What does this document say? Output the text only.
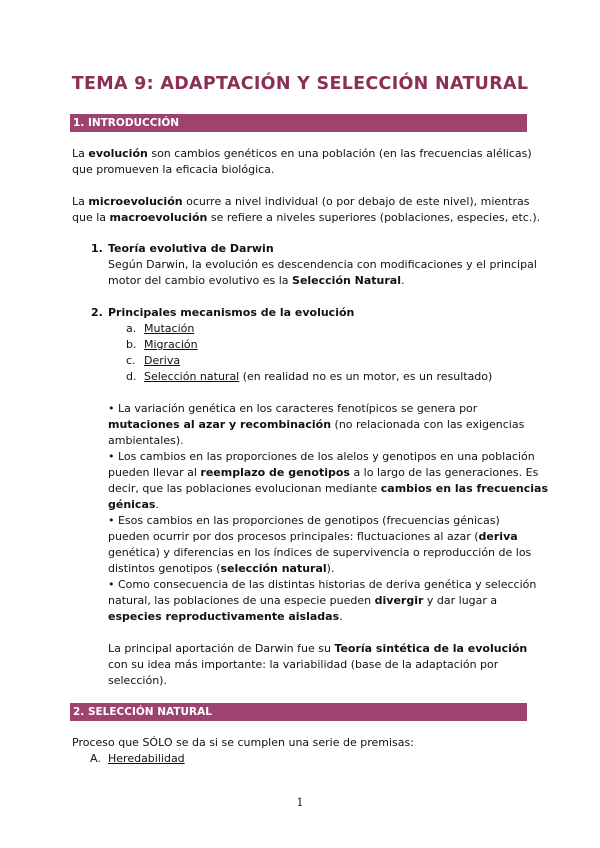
TEMA 9: ADAPTACIÓN Y SELECCIÓN NATURAL
1. INTRODUCCIÓN
La evolución son cambios genéticos en una población (en las frecuencias alélicas)
que promueven la eficacia biológica.
La microevolución ocurre a nivel individual (o por debajo de este nivel), mientras
que la macroevolución se refiere a niveles superiores (poblaciones, especies, etc.).
1. Teoría evolutiva de Darwin
Según Darwin, la evolución es descendencia con modificaciones y el principal
motor del cambio evolutivo es la Selección Natural.
2. Principales mecanismos de la evolución
a. Mutación
b. Migración
c. Deriva
d. Selección natural (en realidad no es un motor, es un resultado)
• La variación genética en los caracteres fenotípicos se genera por
mutaciones al azar y recombinación (no relacionada con las exigencias
ambientales).
• Los cambios en las proporciones de los alelos y genotipos en una población
pueden llevar al reemplazo de genotipos a lo largo de las generaciones. Es
decir, que las poblaciones evolucionan mediante cambios en las frecuencias
génicas.
• Esos cambios en las proporciones de genotipos (frecuencias génicas)
pueden ocurrir por dos procesos principales: fluctuaciones al azar (deriva
genética) y diferencias en los índices de supervivencia o reproducción de los
distintos genotipos (selección natural).
• Como consecuencia de las distintas historias de deriva genética y selección
natural, las poblaciones de una especie pueden divergir y dar lugar a
especies reproductivamente aisladas.
La principal aportación de Darwin fue su Teoría sintética de la evolución
con su idea más importante: la variabilidad (base de la adaptación por
selección).
2. SELECCIÓN NATURAL
Proceso que SÓLO se da si se cumplen una serie de premisas:
A. Heredabilidad
1
